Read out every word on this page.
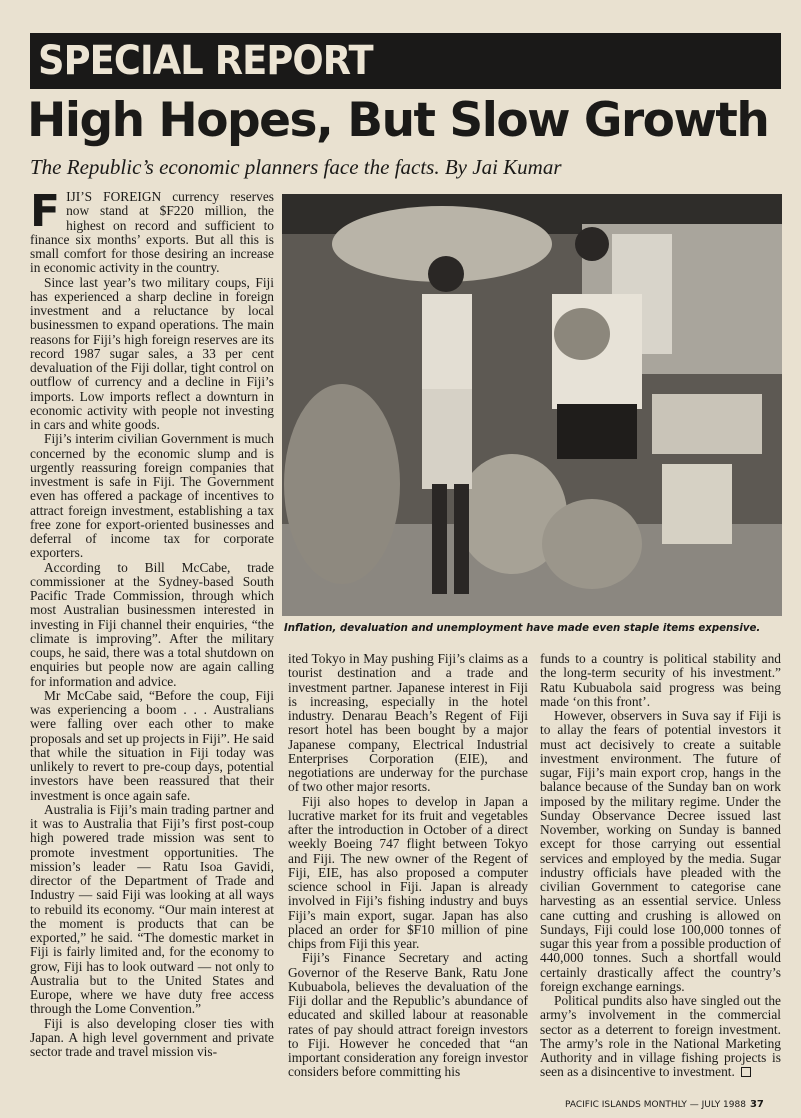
SPECIAL REPORT
High Hopes, But Slow Growth
The Republic’s economic planners face the facts. By Jai Kumar

FIJI’S FOREIGN currency reserves now stand at $F220 million, the highest on record and sufficient to finance six months’ exports. But all this is small comfort for those desiring an increase in economic activity in the country.

Since last year’s two military coups, Fiji has experienced a sharp decline in foreign investment and a reluctance by local businessmen to expand operations. The main reasons for Fiji’s high foreign reserves are its record 1987 sugar sales, a 33 per cent devaluation of the Fiji dollar, tight control on outflow of currency and a decline in Fiji’s imports. Low imports reflect a downturn in economic activity with people not investing in cars and white goods.

Fiji’s interim civilian Government is much concerned by the economic slump and is urgently reassuring foreign companies that investment is safe in Fiji. The Government even has offered a package of incentives to attract foreign investment, establishing a tax free zone for export-oriented businesses and deferral of income tax for corporate exporters.

According to Bill McCabe, trade commissioner at the Sydney-based South Pacific Trade Commission, through which most Australian businessmen interested in investing in Fiji channel their enquiries, “the climate is improving”. After the military coups, he said, there was a total shutdown on enquiries but people now are again calling for information and advice.

Mr McCabe said, “Before the coup, Fiji was experiencing a boom . . . Australians were falling over each other to make proposals and set up projects in Fiji”. He said that while the situation in Fiji today was unlikely to revert to pre-coup days, potential investors have been reassured that their investment is once again safe.

Australia is Fiji’s main trading partner and it was to Australia that Fiji’s first post-coup high powered trade mission was sent to promote investment opportunities. The mission’s leader — Ratu Isoa Gavidi, director of the Department of Trade and Industry — said Fiji was looking at all ways to rebuild its economy. “Our main interest at the moment is products that can be exported,” he said. “The domestic market in Fiji is fairly limited and, for the economy to grow, Fiji has to look outward — not only to Australia but to the United States and Europe, where we have duty free access through the Lome Convention.”

Fiji is also developing closer ties with Japan. A high level government and private sector trade and travel mission vis-

Inflation, devaluation and unemployment have made even staple items expensive.

ited Tokyo in May pushing Fiji’s claims as a tourist destination and a trade and investment partner. Japanese interest in Fiji is increasing, especially in the hotel industry. Denarau Beach’s Regent of Fiji resort hotel has been bought by a major Japanese company, Electrical Industrial Enterprises Corporation (EIE), and negotiations are underway for the purchase of two other major resorts.

Fiji also hopes to develop in Japan a lucrative market for its fruit and vegetables after the introduction in October of a direct weekly Boeing 747 flight between Tokyo and Fiji. The new owner of the Regent of Fiji, EIE, has also proposed a computer science school in Fiji. Japan is already involved in Fiji’s fishing industry and buys Fiji’s main export, sugar. Japan has also placed an order for $F10 million of pine chips from Fiji this year.

Fiji’s Finance Secretary and acting Governor of the Reserve Bank, Ratu Jone Kubuabola, believes the devaluation of the Fiji dollar and the Republic’s abundance of educated and skilled labour at reasonable rates of pay should attract foreign investors to Fiji. However he conceded that “an important consideration any foreign investor considers before committing his

funds to a country is political stability and the long-term security of his investment.” Ratu Kubuabola said progress was being made ‘on this front’.

However, observers in Suva say if Fiji is to allay the fears of potential investors it must act decisively to create a suitable investment environment. The future of sugar, Fiji’s main export crop, hangs in the balance because of the Sunday ban on work imposed by the military regime. Under the Sunday Observance Decree issued last November, working on Sunday is banned except for those carrying out essential services and employed by the media. Sugar industry officials have pleaded with the civilian Government to categorise cane harvesting as an essential service. Unless cane cutting and crushing is allowed on Sundays, Fiji could lose 100,000 tonnes of sugar this year from a possible production of 440,000 tonnes. Such a shortfall would certainly drastically affect the country’s foreign exchange earnings.

Political pundits also have singled out the army’s involvement in the commercial sector as a deterrent to foreign investment. The army’s role in the National Marketing Authority and in village fishing projects is seen as a disincentive to investment.

PACIFIC ISLANDS MONTHLY — JULY 1988 37
